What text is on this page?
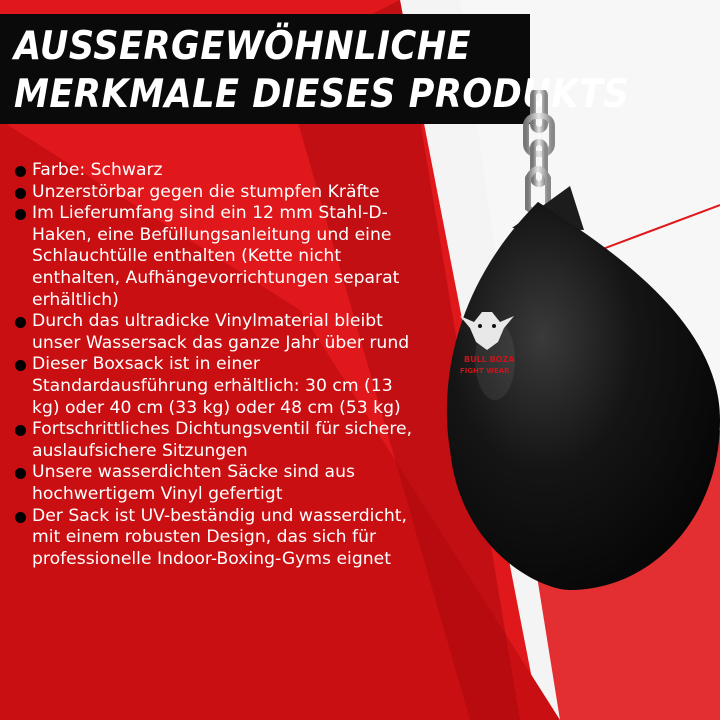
AUSSERGEWÖHNLICHE
MERKMALE DIESES PRODUKTS
Farbe: Schwarz
Unzerstörbar gegen die stumpfen Kräfte
Im Lieferumfang sind ein 12 mm Stahl-D-Haken, eine Befüllungsanleitung und eine Schlauchtülle enthalten (Kette nicht enthalten, Aufhängevorrichtungen separat erhältlich)
Durch das ultradicke Vinylmaterial bleibt unser Wassersack das ganze Jahr über rund
Dieser Boxsack ist in einer Standardausführung erhältlich: 30 cm (13 kg) oder 40 cm (33 kg) oder 48 cm (53 kg)
Fortschrittliches Dichtungsventil für sichere, auslaufsichere Sitzungen
Unsere wasserdichten Säcke sind aus hochwertigem Vinyl gefertigt
Der Sack ist UV-beständig und wasserdicht, mit einem robusten Design, das sich für professionelle Indoor-Boxing-Gyms eignet
BULL BOZA
FIGHT WEAR
